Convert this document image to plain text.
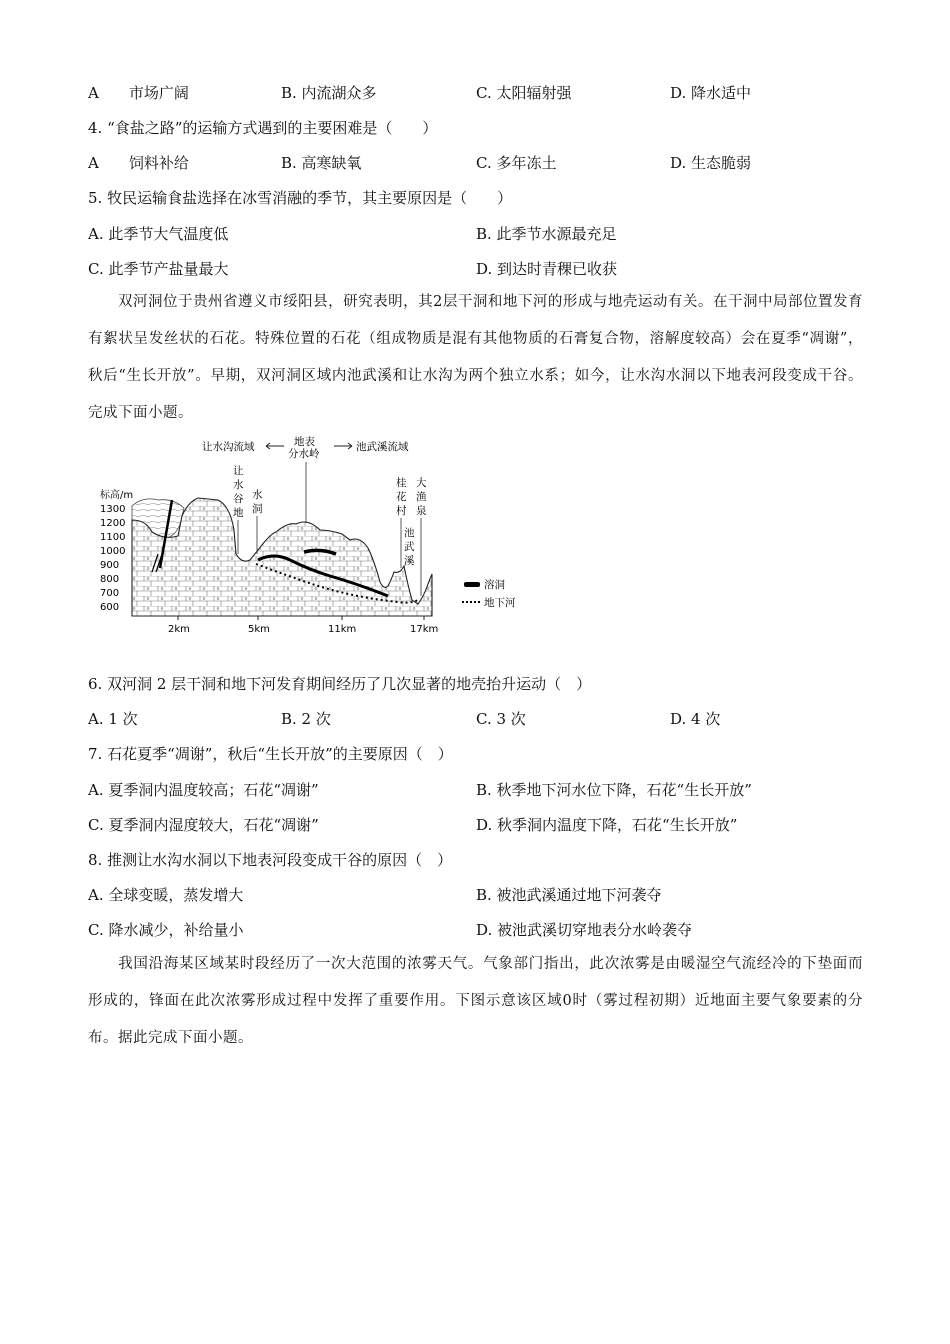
A　　市场广阔	B. 内流湖众多	C. 太阳辐射强	D. 降水适中
4. “食盐之路”的运输方式遇到的主要困难是（　　）
A　　饲料补给	B. 高寒缺氧	C. 多年冻土	D. 生态脆弱
5. 牧民运输食盐选择在冰雪消融的季节，其主要原因是（　　）
A. 此季节大气温度低	B. 此季节水源最充足
C. 此季节产盐量最大	D. 到达时青稞已收获
双河洞位于贵州省遵义市绥阳县，研究表明，其2层干洞和地下河的形成与地壳运动有关。在干洞中局部位置发育有絮状呈发丝状的石花。特殊位置的石花（组成物质是混有其他物质的石膏复合物，溶解度较高）会在夏季“凋谢”，秋后“生长开放”。早期，双河洞区域内池武溪和让水沟为两个独立水系；如今，让水沟水洞以下地表河段变成干谷。完成下面小题。
让水沟流域	地表
分水岭
池武溪流域
标高/m
1300
1200
1100
1000
900
800
700
600
让
水
谷
地
水
洞
桂
花
村
大
渔
泉
池
武
溪
溶洞
地下河
2km	5km	11km	17km
6. 双河洞 2 层干洞和地下河发育期间经历了几次显著的地壳抬升运动（　）
A. 1 次	B. 2 次	C. 3 次	D. 4 次
7. 石花夏季“凋谢”，秋后“生长开放”的主要原因（　）
A. 夏季洞内温度较高；石花“凋谢”	B. 秋季地下河水位下降，石花“生长开放”
C. 夏季洞内湿度较大，石花“凋谢”	D. 秋季洞内温度下降，石花“生长开放”
8. 推测让水沟水洞以下地表河段变成干谷的原因（　）
A. 全球变暖，蒸发增大	B. 被池武溪通过地下河袭夺
C. 降水减少，补给量小	D. 被池武溪切穿地表分水岭袭夺
我国沿海某区域某时段经历了一次大范围的浓雾天气。气象部门指出，此次浓雾是由暖湿空气流经冷的下垫面而形成的，锋面在此次浓雾形成过程中发挥了重要作用。下图示意该区域0时（雾过程初期）近地面主要气象要素的分布。据此完成下面小题。
